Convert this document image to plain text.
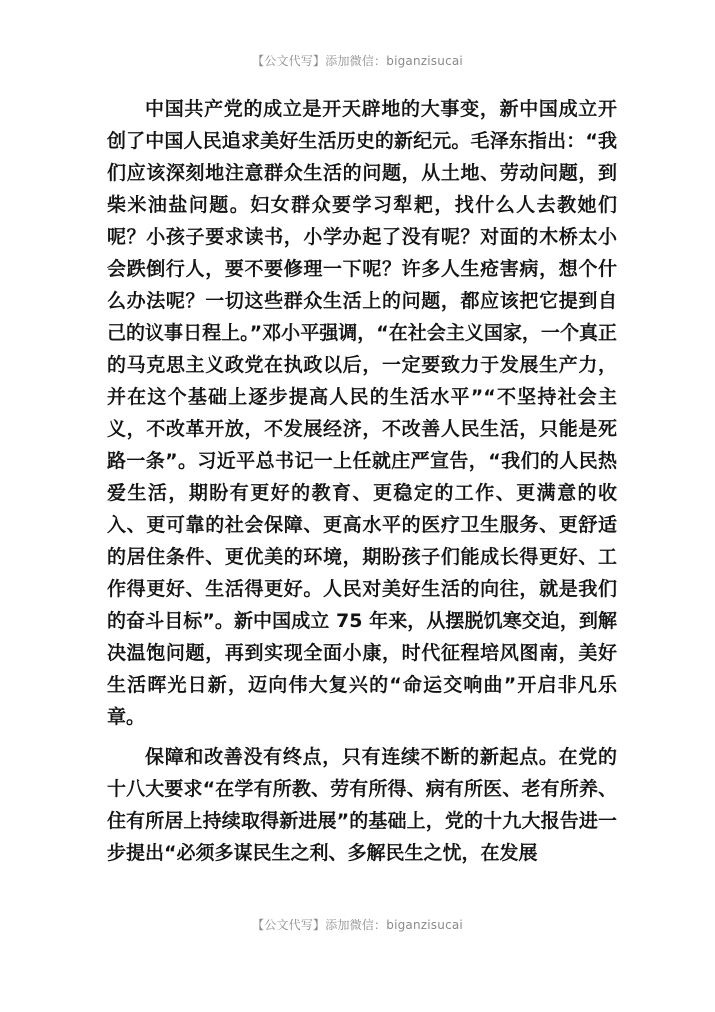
【公文代写】添加微信：biganzisucai

中国共产党的成立是开天辟地的大事变，新中国成立开创了中国人民追求美好生活历史的新纪元。毛泽东指出：“我们应该深刻地注意群众生活的问题，从土地、劳动问题，到柴米油盐问题。妇女群众要学习犁耙，找什么人去教她们呢？小孩子要求读书，小学办起了没有呢？对面的木桥太小会跌倒行人，要不要修理一下呢？许多人生疮害病，想个什么办法呢？一切这些群众生活上的问题，都应该把它提到自己的议事日程上。”邓小平强调，“在社会主义国家，一个真正的马克思主义政党在执政以后，一定要致力于发展生产力，并在这个基础上逐步提高人民的生活水平”“不坚持社会主义，不改革开放，不发展经济，不改善人民生活，只能是死路一条”。习近平总书记一上任就庄严宣告，“我们的人民热爱生活，期盼有更好的教育、更稳定的工作、更满意的收入、更可靠的社会保障、更高水平的医疗卫生服务、更舒适的居住条件、更优美的环境，期盼孩子们能成长得更好、工作得更好、生活得更好。人民对美好生活的向往，就是我们的奋斗目标”。新中国成立 75 年来，从摆脱饥寒交迫，到解决温饱问题，再到实现全面小康，时代征程培风图南，美好生活晖光日新，迈向伟大复兴的“命运交响曲”开启非凡乐章。

保障和改善没有终点，只有连续不断的新起点。在党的十八大要求“在学有所教、劳有所得、病有所医、老有所养、住有所居上持续取得新进展”的基础上，党的十九大报告进一步提出“必须多谋民生之利、多解民生之忧，在发展

【公文代写】添加微信：biganzisucai
